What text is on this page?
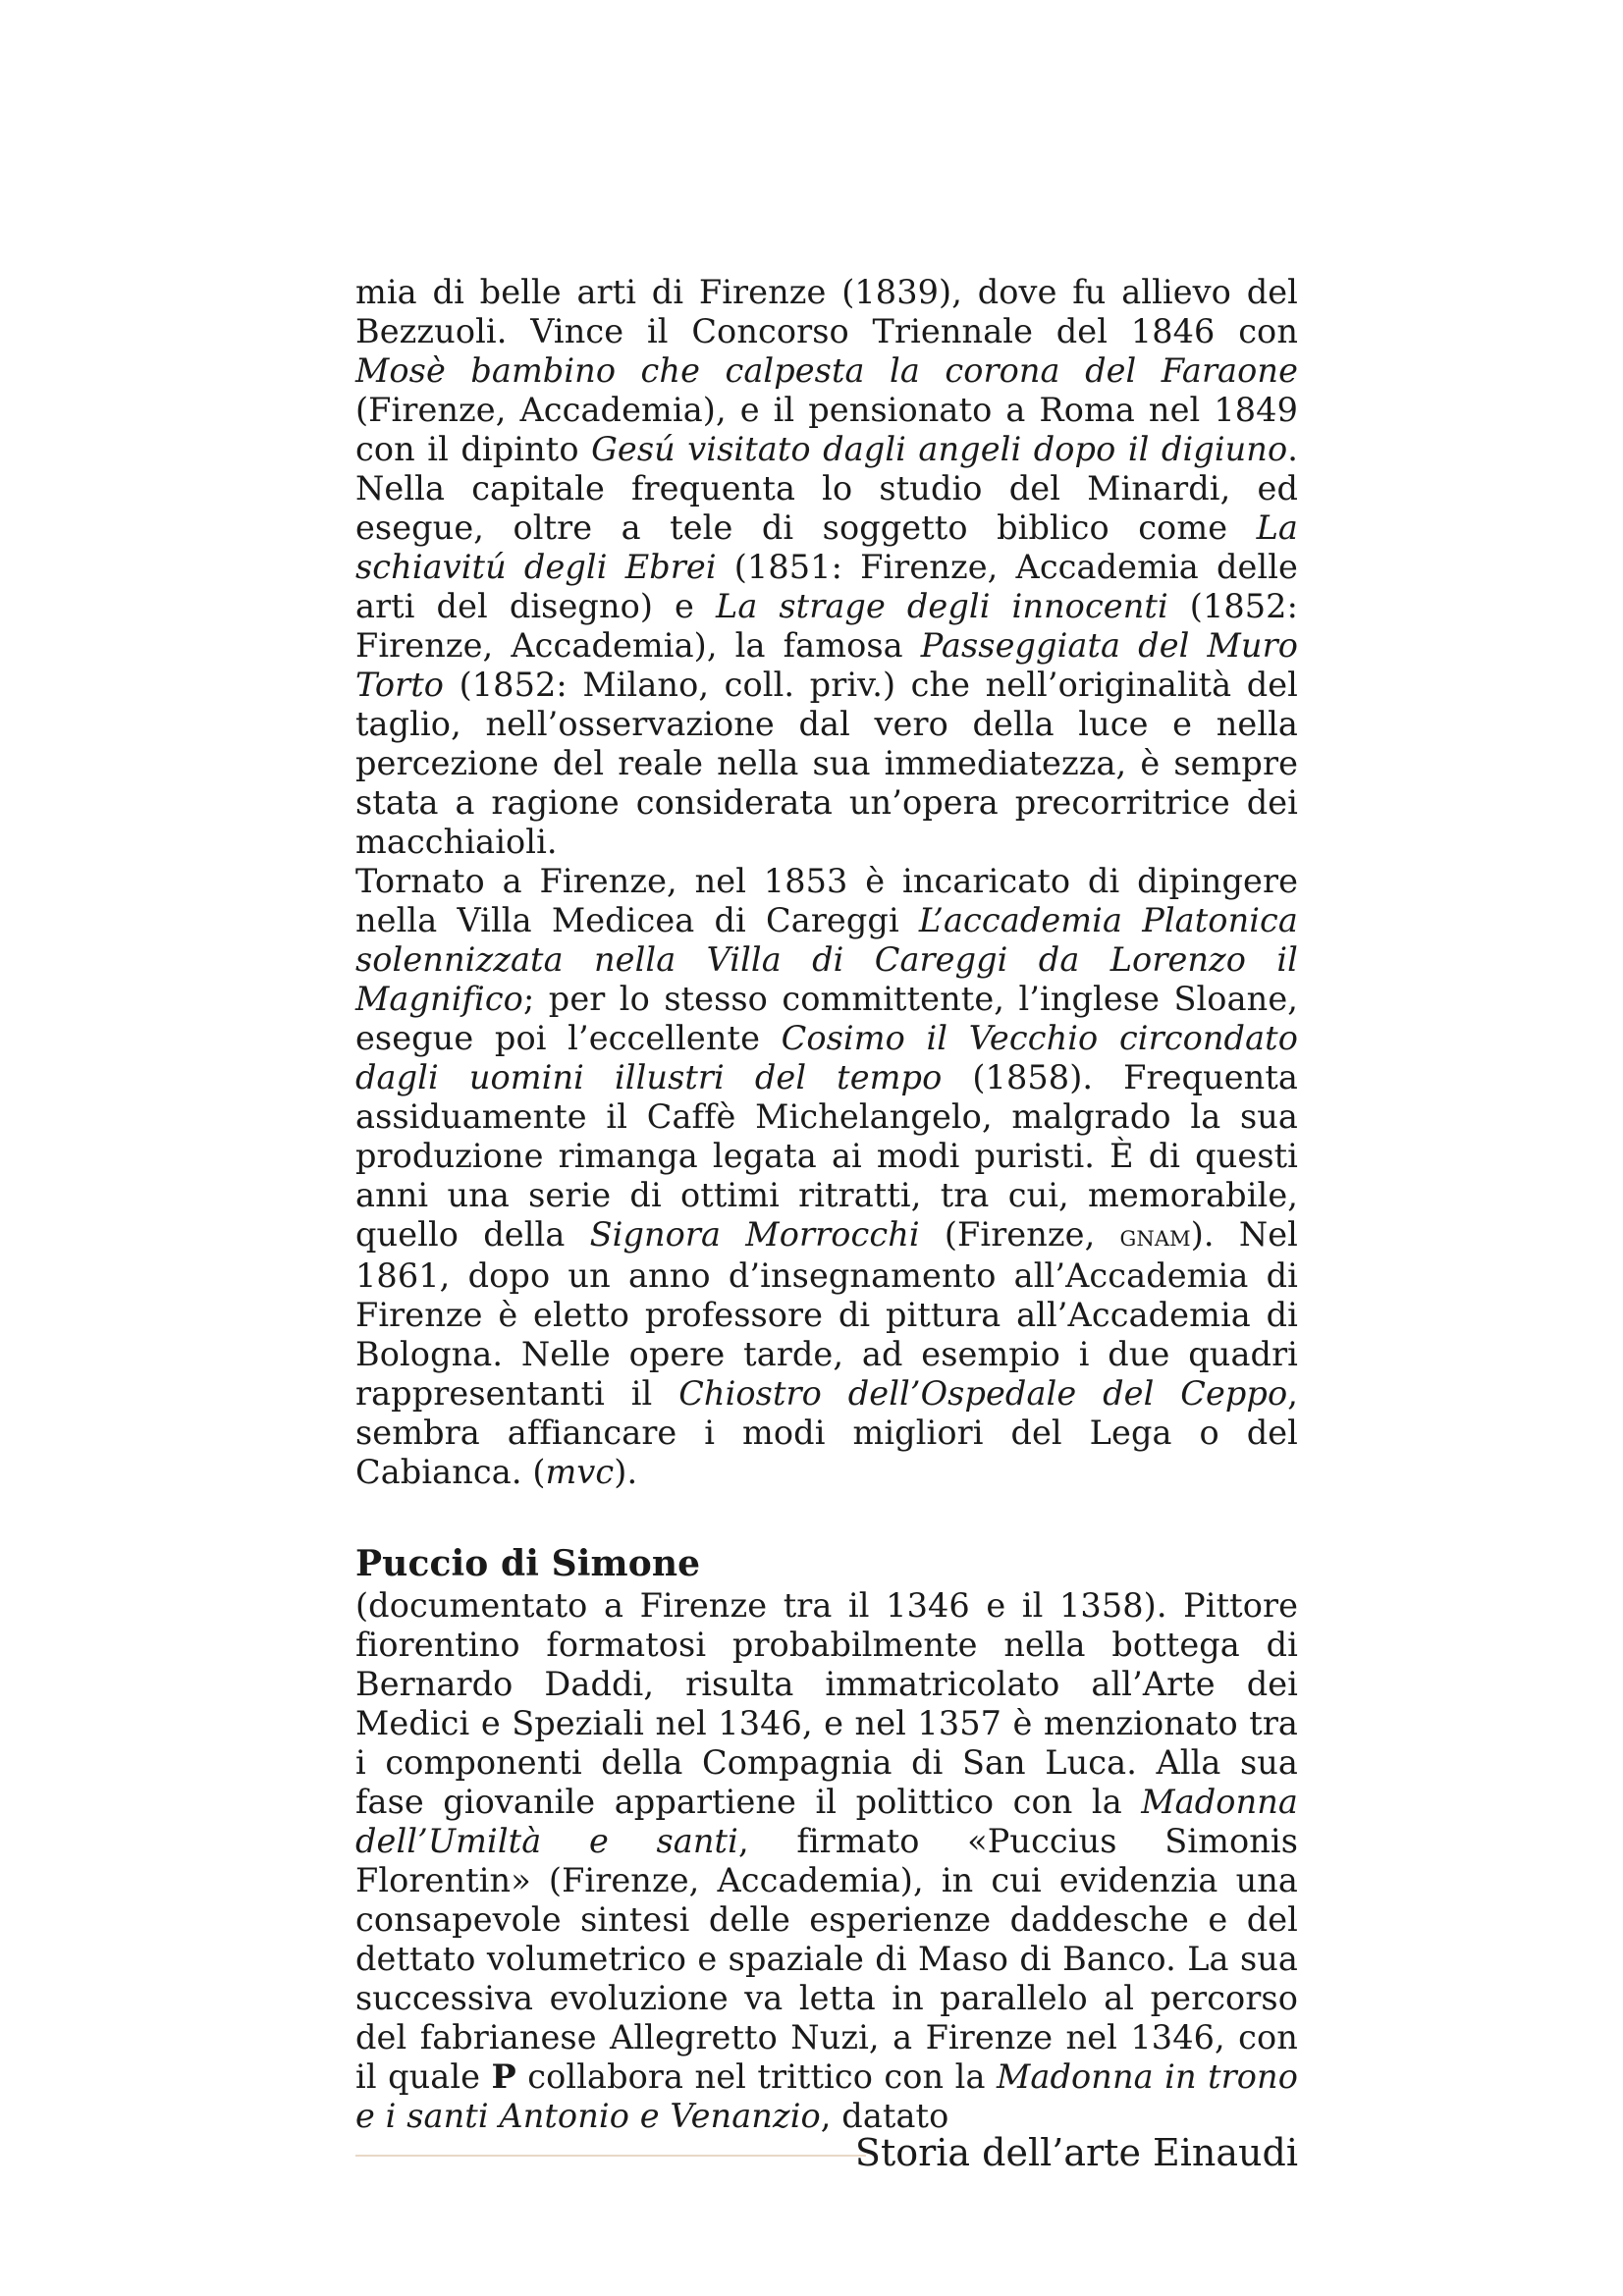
mia di belle arti di Firenze (1839), dove fu allievo del Bezzuoli. Vince il Concorso Triennale del 1846 con Mosè bambino che calpesta la corona del Faraone (Firenze, Accademia), e il pensionato a Roma nel 1849 con il dipinto Gesú visitato dagli angeli dopo il digiuno. Nella capitale frequenta lo studio del Minardi, ed esegue, oltre a tele di soggetto biblico come La schiavitú degli Ebrei (1851: Firenze, Accademia delle arti del disegno) e La strage degli innocenti (1852: Firenze, Accademia), la famosa Passeggiata del Muro Torto (1852: Milano, coll. priv.) che nell’originalità del taglio, nell’osservazione dal vero della luce e nella percezione del reale nella sua immediatezza, è sempre stata a ragione considerata un’opera precorritrice dei macchiaioli.

Tornato a Firenze, nel 1853 è incaricato di dipingere nella Villa Medicea di Careggi L’accademia Platonica solennizzata nella Villa di Careggi da Lorenzo il Magnifico; per lo stesso committente, l’inglese Sloane, esegue poi l’eccellente Cosimo il Vecchio circondato dagli uomini illustri del tempo (1858). Frequenta assiduamente il Caffè Michelangelo, malgrado la sua produzione rimanga legata ai modi puristi. È di questi anni una serie di ottimi ritratti, tra cui, memorabile, quello della Signora Morrocchi (Firenze, gnam). Nel 1861, dopo un anno d’insegnamento all’Accademia di Firenze è eletto professore di pittura all’Accademia di Bologna. Nelle opere tarde, ad esempio i due quadri rappresentanti il Chiostro dell’Ospedale del Ceppo, sembra affiancare i modi migliori del Lega o del Cabianca. (mvc).

Puccio di Simone

(documentato a Firenze tra il 1346 e il 1358). Pittore fiorentino formatosi probabilmente nella bottega di Bernardo Daddi, risulta immatricolato all’Arte dei Medici e Speziali nel 1346, e nel 1357 è menzionato tra i componenti della Compagnia di San Luca. Alla sua fase giovanile appartiene il polittico con la Madonna dell’Umiltà e santi, firmato «Puccius Simonis Florentin» (Firenze, Accademia), in cui evidenzia una consapevole sintesi delle esperienze daddesche e del dettato volumetrico e spaziale di Maso di Banco. La sua successiva evoluzione va letta in parallelo al percorso del fabrianese Allegretto Nuzi, a Firenze nel 1346, con il quale P collabora nel trittico con la Madonna in trono e i santi Antonio e Venanzio, datato

Storia dell’arte Einaudi
